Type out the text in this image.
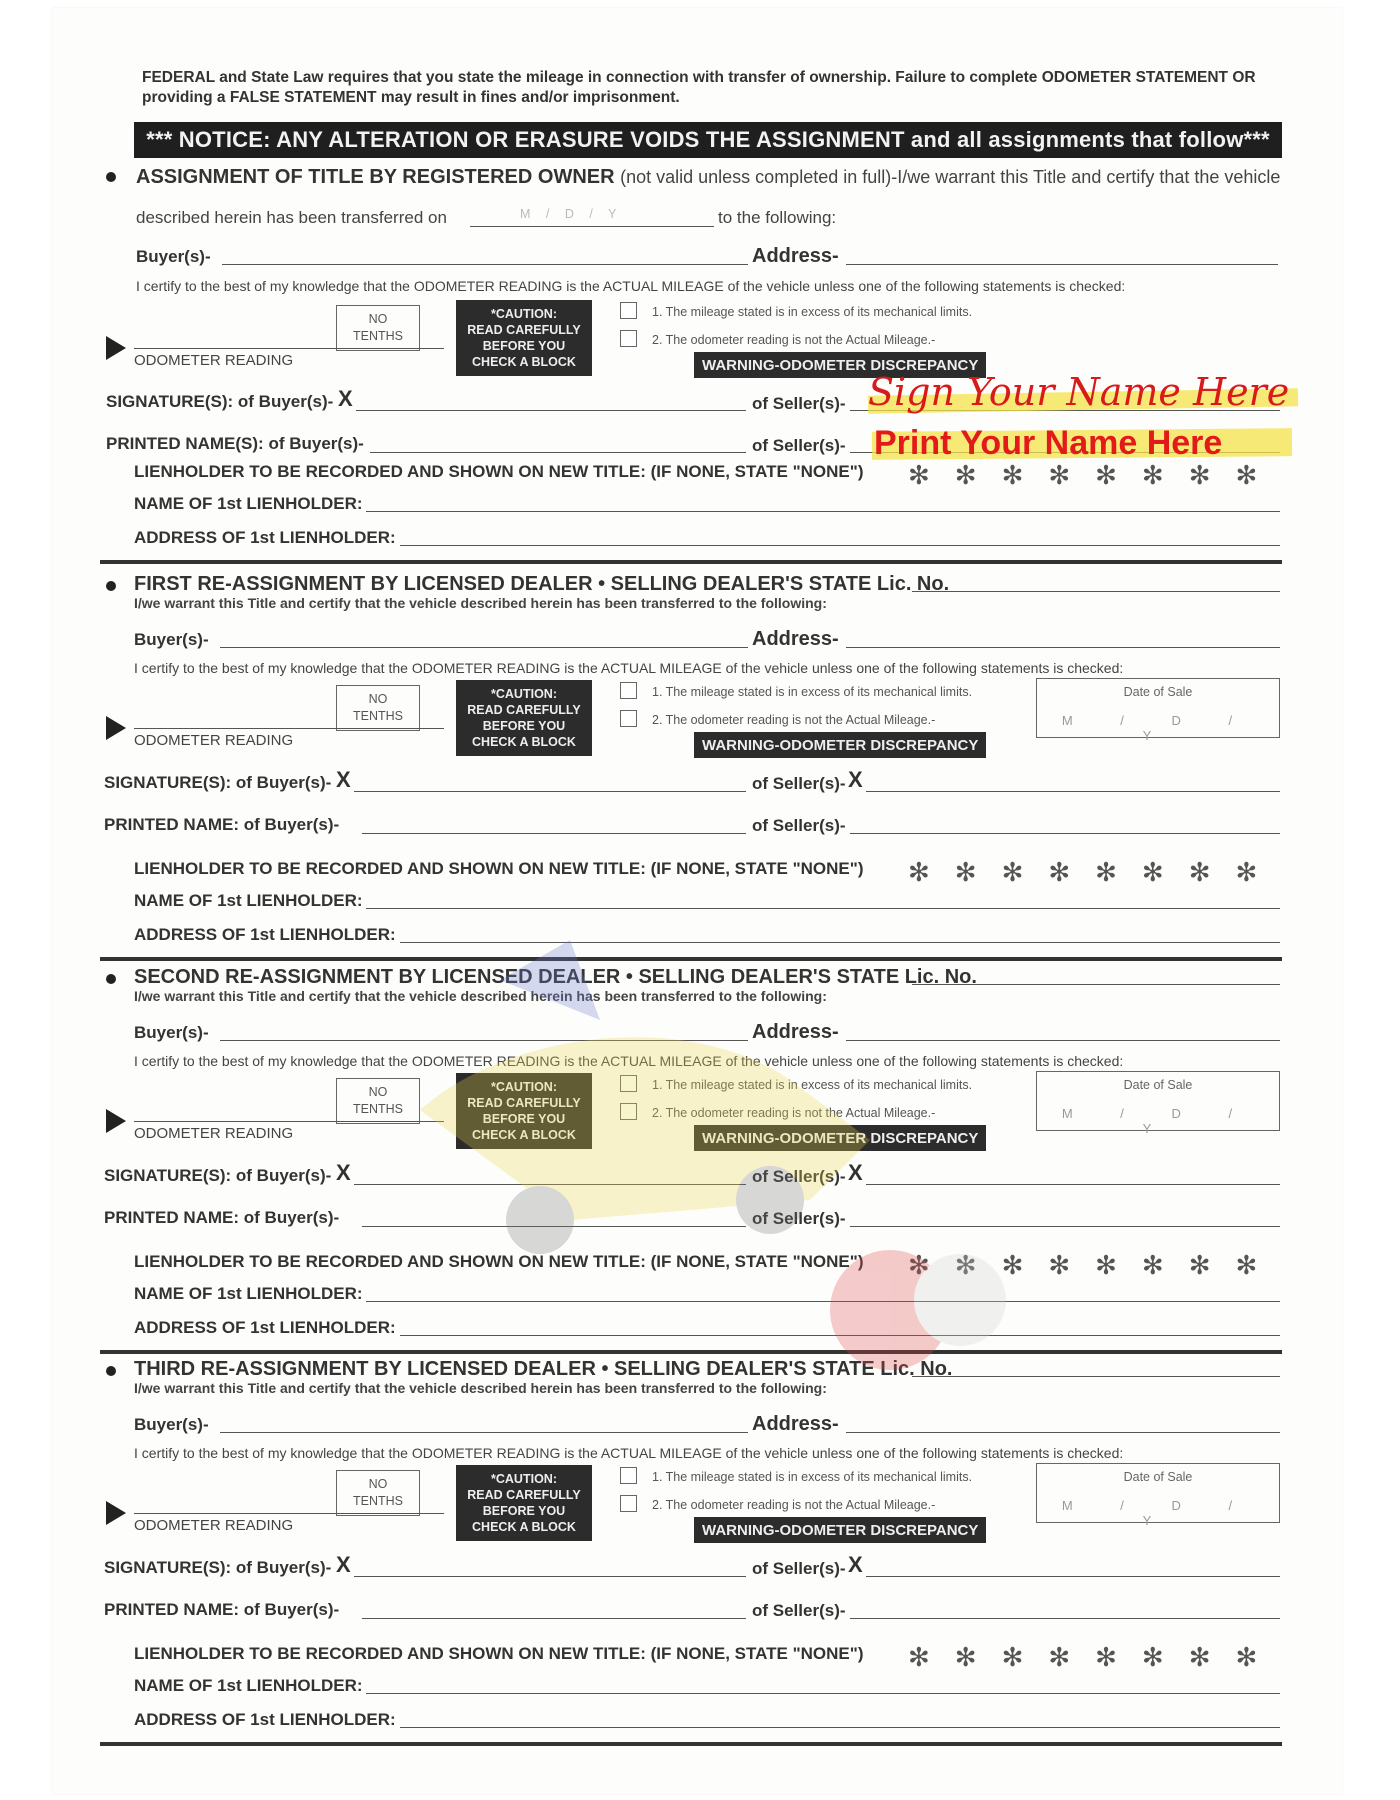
FEDERAL and State Law requires that you state the mileage in connection with transfer of ownership. Failure to complete ODOMETER STATEMENT OR providing a FALSE STATEMENT may result in fines and/or imprisonment.
*** NOTICE: ANY ALTERATION OR ERASURE VOIDS THE ASSIGNMENT and all assignments that follow***
ASSIGNMENT OF TITLE BY REGISTERED OWNER (not valid unless completed in full)-I/we warrant this Title and certify that the vehicle
described herein has been transferred on	M / D / Y	to the following:
Buyer(s)-	Address-
I certify to the best of my knowledge that the ODOMETER READING is the ACTUAL MILEAGE of the vehicle unless one of the following statements is checked:
NO
TENTHS
*CAUTION:
READ CAREFULLY
BEFORE YOU
CHECK A BLOCK
1. The mileage stated is in excess of its mechanical limits.
2. The odometer reading is not the Actual Mileage.-
WARNING-ODOMETER DISCREPANCY
ODOMETER READING
SIGNATURE(S): of Buyer(s)- X	of Seller(s)-
PRINTED NAME(S): of Buyer(s)-	of Seller(s)-
Sign Your Name Here
Print Your Name Here
LIENHOLDER TO BE RECORDED AND SHOWN ON NEW TITLE: (IF NONE, STATE "NONE") ✻✻✻✻✻✻✻✻
NAME OF 1st LIENHOLDER:
ADDRESS OF 1st LIENHOLDER:
FIRST RE-ASSIGNMENT BY LICENSED DEALER • SELLING DEALER'S STATE Lic. No.
I/we warrant this Title and certify that the vehicle described herein has been transferred to the following:
Buyer(s)-	Address-
I certify to the best of my knowledge that the ODOMETER READING is the ACTUAL MILEAGE of the vehicle unless one of the following statements is checked:
NO
TENTHS
*CAUTION:
READ CAREFULLY
BEFORE YOU
CHECK A BLOCK
1. The mileage stated is in excess of its mechanical limits.
2. The odometer reading is not the Actual Mileage.-
WARNING-ODOMETER DISCREPANCY
Date of Sale
M / D / Y
ODOMETER READING
SIGNATURE(S): of Buyer(s)- X	of Seller(s)- X
PRINTED NAME: of Buyer(s)-	of Seller(s)-
LIENHOLDER TO BE RECORDED AND SHOWN ON NEW TITLE: (IF NONE, STATE "NONE") ✻✻✻✻✻✻✻✻
NAME OF 1st LIENHOLDER:
ADDRESS OF 1st LIENHOLDER:
SECOND RE-ASSIGNMENT BY LICENSED DEALER • SELLING DEALER'S STATE Lic. No.
I/we warrant this Title and certify that the vehicle described herein has been transferred to the following:
Buyer(s)-	Address-
I certify to the best of my knowledge that the ODOMETER READING is the ACTUAL MILEAGE of the vehicle unless one of the following statements is checked:
NO
TENTHS
*CAUTION:
READ CAREFULLY
BEFORE YOU
CHECK A BLOCK
1. The mileage stated is in excess of its mechanical limits.
2. The odometer reading is not the Actual Mileage.-
WARNING-ODOMETER DISCREPANCY
Date of Sale
M / D / Y
ODOMETER READING
SIGNATURE(S): of Buyer(s)- X	of Seller(s)- X
PRINTED NAME: of Buyer(s)-	of Seller(s)-
LIENHOLDER TO BE RECORDED AND SHOWN ON NEW TITLE: (IF NONE, STATE "NONE") ✻✻✻✻✻✻✻✻
NAME OF 1st LIENHOLDER:
ADDRESS OF 1st LIENHOLDER:
THIRD RE-ASSIGNMENT BY LICENSED DEALER • SELLING DEALER'S STATE Lic. No.
I/we warrant this Title and certify that the vehicle described herein has been transferred to the following:
Buyer(s)-	Address-
I certify to the best of my knowledge that the ODOMETER READING is the ACTUAL MILEAGE of the vehicle unless one of the following statements is checked:
NO
TENTHS
*CAUTION:
READ CAREFULLY
BEFORE YOU
CHECK A BLOCK
1. The mileage stated is in excess of its mechanical limits.
2. The odometer reading is not the Actual Mileage.-
WARNING-ODOMETER DISCREPANCY
Date of Sale
M / D / Y
ODOMETER READING
SIGNATURE(S): of Buyer(s)- X	of Seller(s)- X
PRINTED NAME: of Buyer(s)-	of Seller(s)-
LIENHOLDER TO BE RECORDED AND SHOWN ON NEW TITLE: (IF NONE, STATE "NONE") ✻✻✻✻✻✻✻✻
NAME OF 1st LIENHOLDER:
ADDRESS OF 1st LIENHOLDER:
